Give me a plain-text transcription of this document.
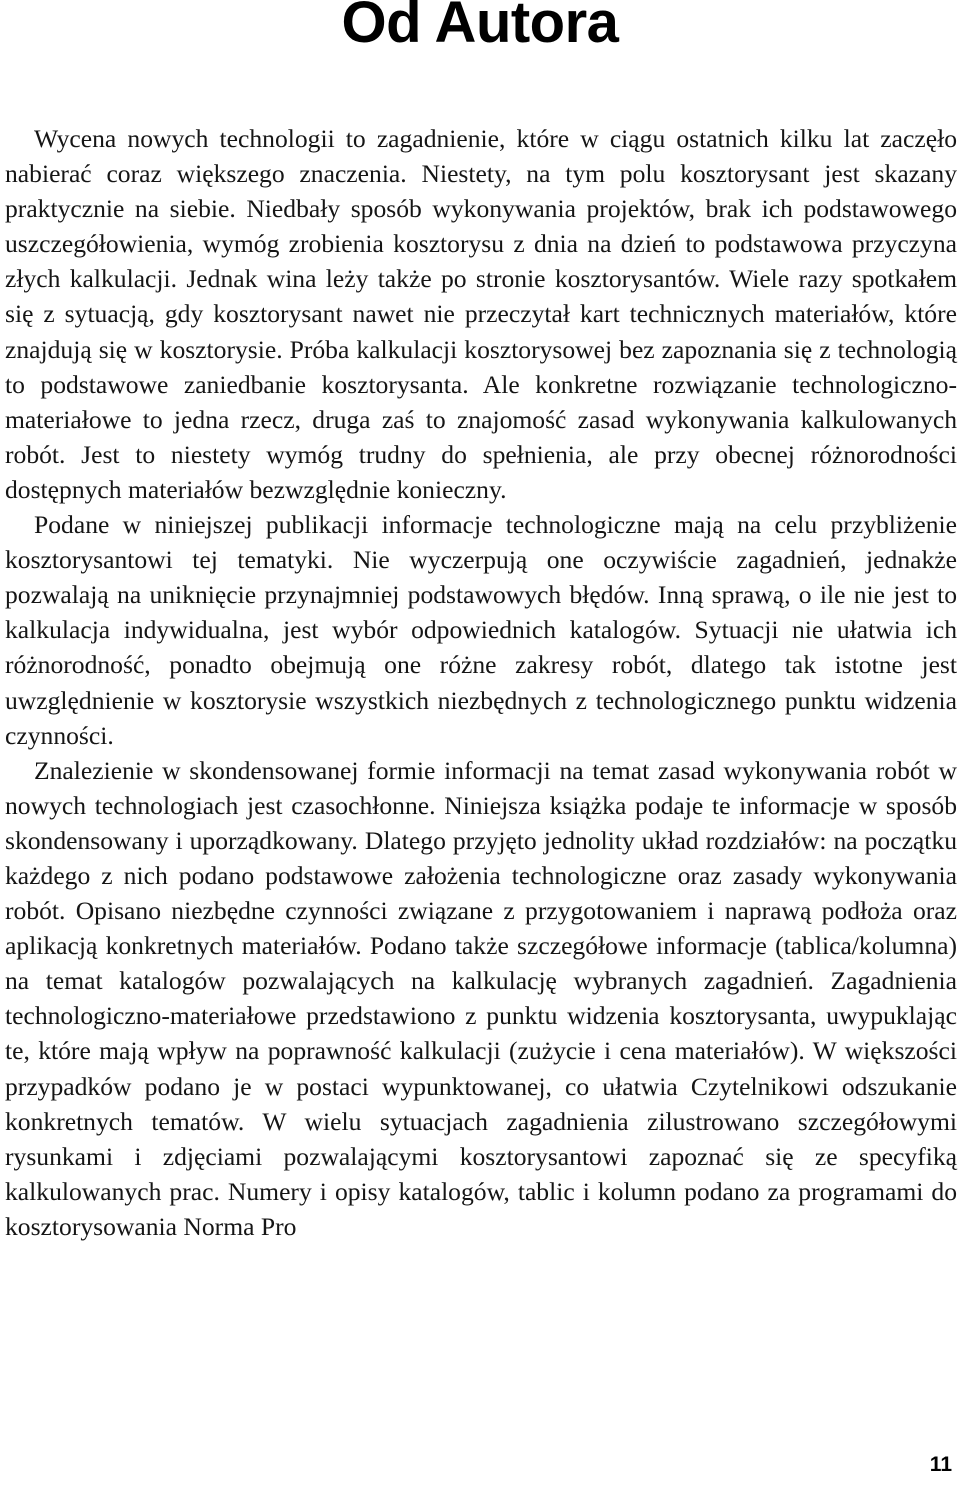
Od Autora

Wycena nowych technologii to zagadnienie, które w ciągu ostatnich kilku lat zaczęło nabierać coraz większego znaczenia. Niestety, na tym polu kosztorysant jest skazany praktycznie na siebie. Niedbały sposób wykonywania projektów, brak ich podstawowego uszczegółowienia, wymóg zrobienia kosztorysu z dnia na dzień to podstawowa przyczyna złych kalkulacji. Jednak wina leży także po stronie kosztorysantów. Wiele razy spotkałem się z sytuacją, gdy kosztorysant nawet nie przeczytał kart technicznych materiałów, które znajdują się w kosztorysie. Próba kalkulacji kosztorysowej bez zapoznania się z technologią to podstawowe zaniedbanie kosztorysanta. Ale konkretne rozwiązanie technologiczno-materiałowe to jedna rzecz, druga zaś to znajomość zasad wykonywania kalkulowanych robót. Jest to niestety wymóg trudny do spełnienia, ale przy obecnej różnorodności dostępnych materiałów bezwzględnie konieczny.

Podane w niniejszej publikacji informacje technologiczne mają na celu przybliżenie kosztorysantowi tej tematyki. Nie wyczerpują one oczywiście zagadnień, jednakże pozwalają na uniknięcie przynajmniej podstawowych błędów. Inną sprawą, o ile nie jest to kalkulacja indywidualna, jest wybór odpowiednich katalogów. Sytuacji nie ułatwia ich różnorodność, ponadto obejmują one różne zakresy robót, dlatego tak istotne jest uwzględnienie w kosztorysie wszystkich niezbędnych z technologicznego punktu widzenia czynności.

Znalezienie w skondensowanej formie informacji na temat zasad wykonywania robót w nowych technologiach jest czasochłonne. Niniejsza książka podaje te informacje w sposób skondensowany i uporządkowany. Dlatego przyjęto jednolity układ rozdziałów: na początku każdego z nich podano podstawowe założenia technologiczne oraz zasady wykonywania robót. Opisano niezbędne czynności związane z przygotowaniem i naprawą podłoża oraz aplikacją konkretnych materiałów. Podano także szczegółowe informacje (tablica/kolumna) na temat katalogów pozwalających na kalkulację wybranych zagadnień. Zagadnienia technologiczno-materiałowe przedstawiono z punktu widzenia kosztorysanta, uwypuklając te, które mają wpływ na poprawność kalkulacji (zużycie i cena materiałów). W większości przypadków podano je w postaci wypunktowanej, co ułatwia Czytelnikowi odszukanie konkretnych tematów. W wielu sytuacjach zagadnienia zilustrowano szczegółowymi rysunkami i zdjęciami pozwalającymi kosztorysantowi zapoznać się ze specyfiką kalkulowanych prac. Numery i opisy katalogów, tablic i kolumn podano za programami do kosztorysowania Norma Pro

11
